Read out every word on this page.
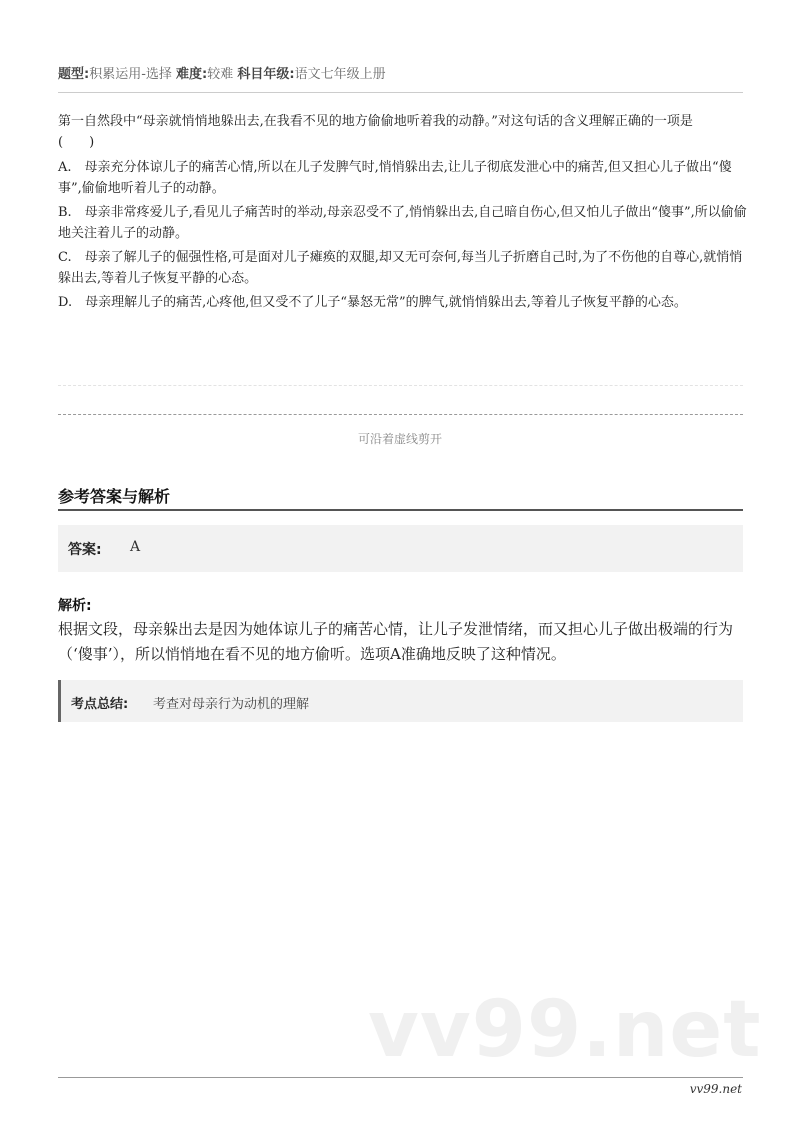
题型:积累运用-选择 难度:较难 科目年级:语文七年级上册

第一自然段中“母亲就悄悄地躲出去,在我看不见的地方偷偷地听着我的动静。”对这句话的含义理解正确的一项是　　(　　)

A.　母亲充分体谅儿子的痛苦心情,所以在儿子发脾气时,悄悄躲出去,让儿子彻底发泄心中的痛苦,但又担心儿子做出“傻事”,偷偷地听着儿子的动静。

B.　母亲非常疼爱儿子,看见儿子痛苦时的举动,母亲忍受不了,悄悄躲出去,自己暗自伤心,但又怕儿子做出“傻事”,所以偷偷地关注着儿子的动静。

C.　母亲了解儿子的倔强性格,可是面对儿子瘫痪的双腿,却又无可奈何,每当儿子折磨自己时,为了不伤他的自尊心,就悄悄躲出去,等着儿子恢复平静的心态。

D.　母亲理解儿子的痛苦,心疼他,但又受不了儿子“暴怒无常”的脾气,就悄悄躲出去,等着儿子恢复平静的心态。

可沿着虚线剪开
参考答案与解析
答案: A
解析:
根据文段，母亲躲出去是因为她体谅儿子的痛苦心情，让儿子发泄情绪，而又担心儿子做出极端的行为（‘傻事’），所以悄悄地在看不见的地方偷听。选项A准确地反映了这种情况。
考点总结: 考查对母亲行为动机的理解
vv99.net
vv99.net
